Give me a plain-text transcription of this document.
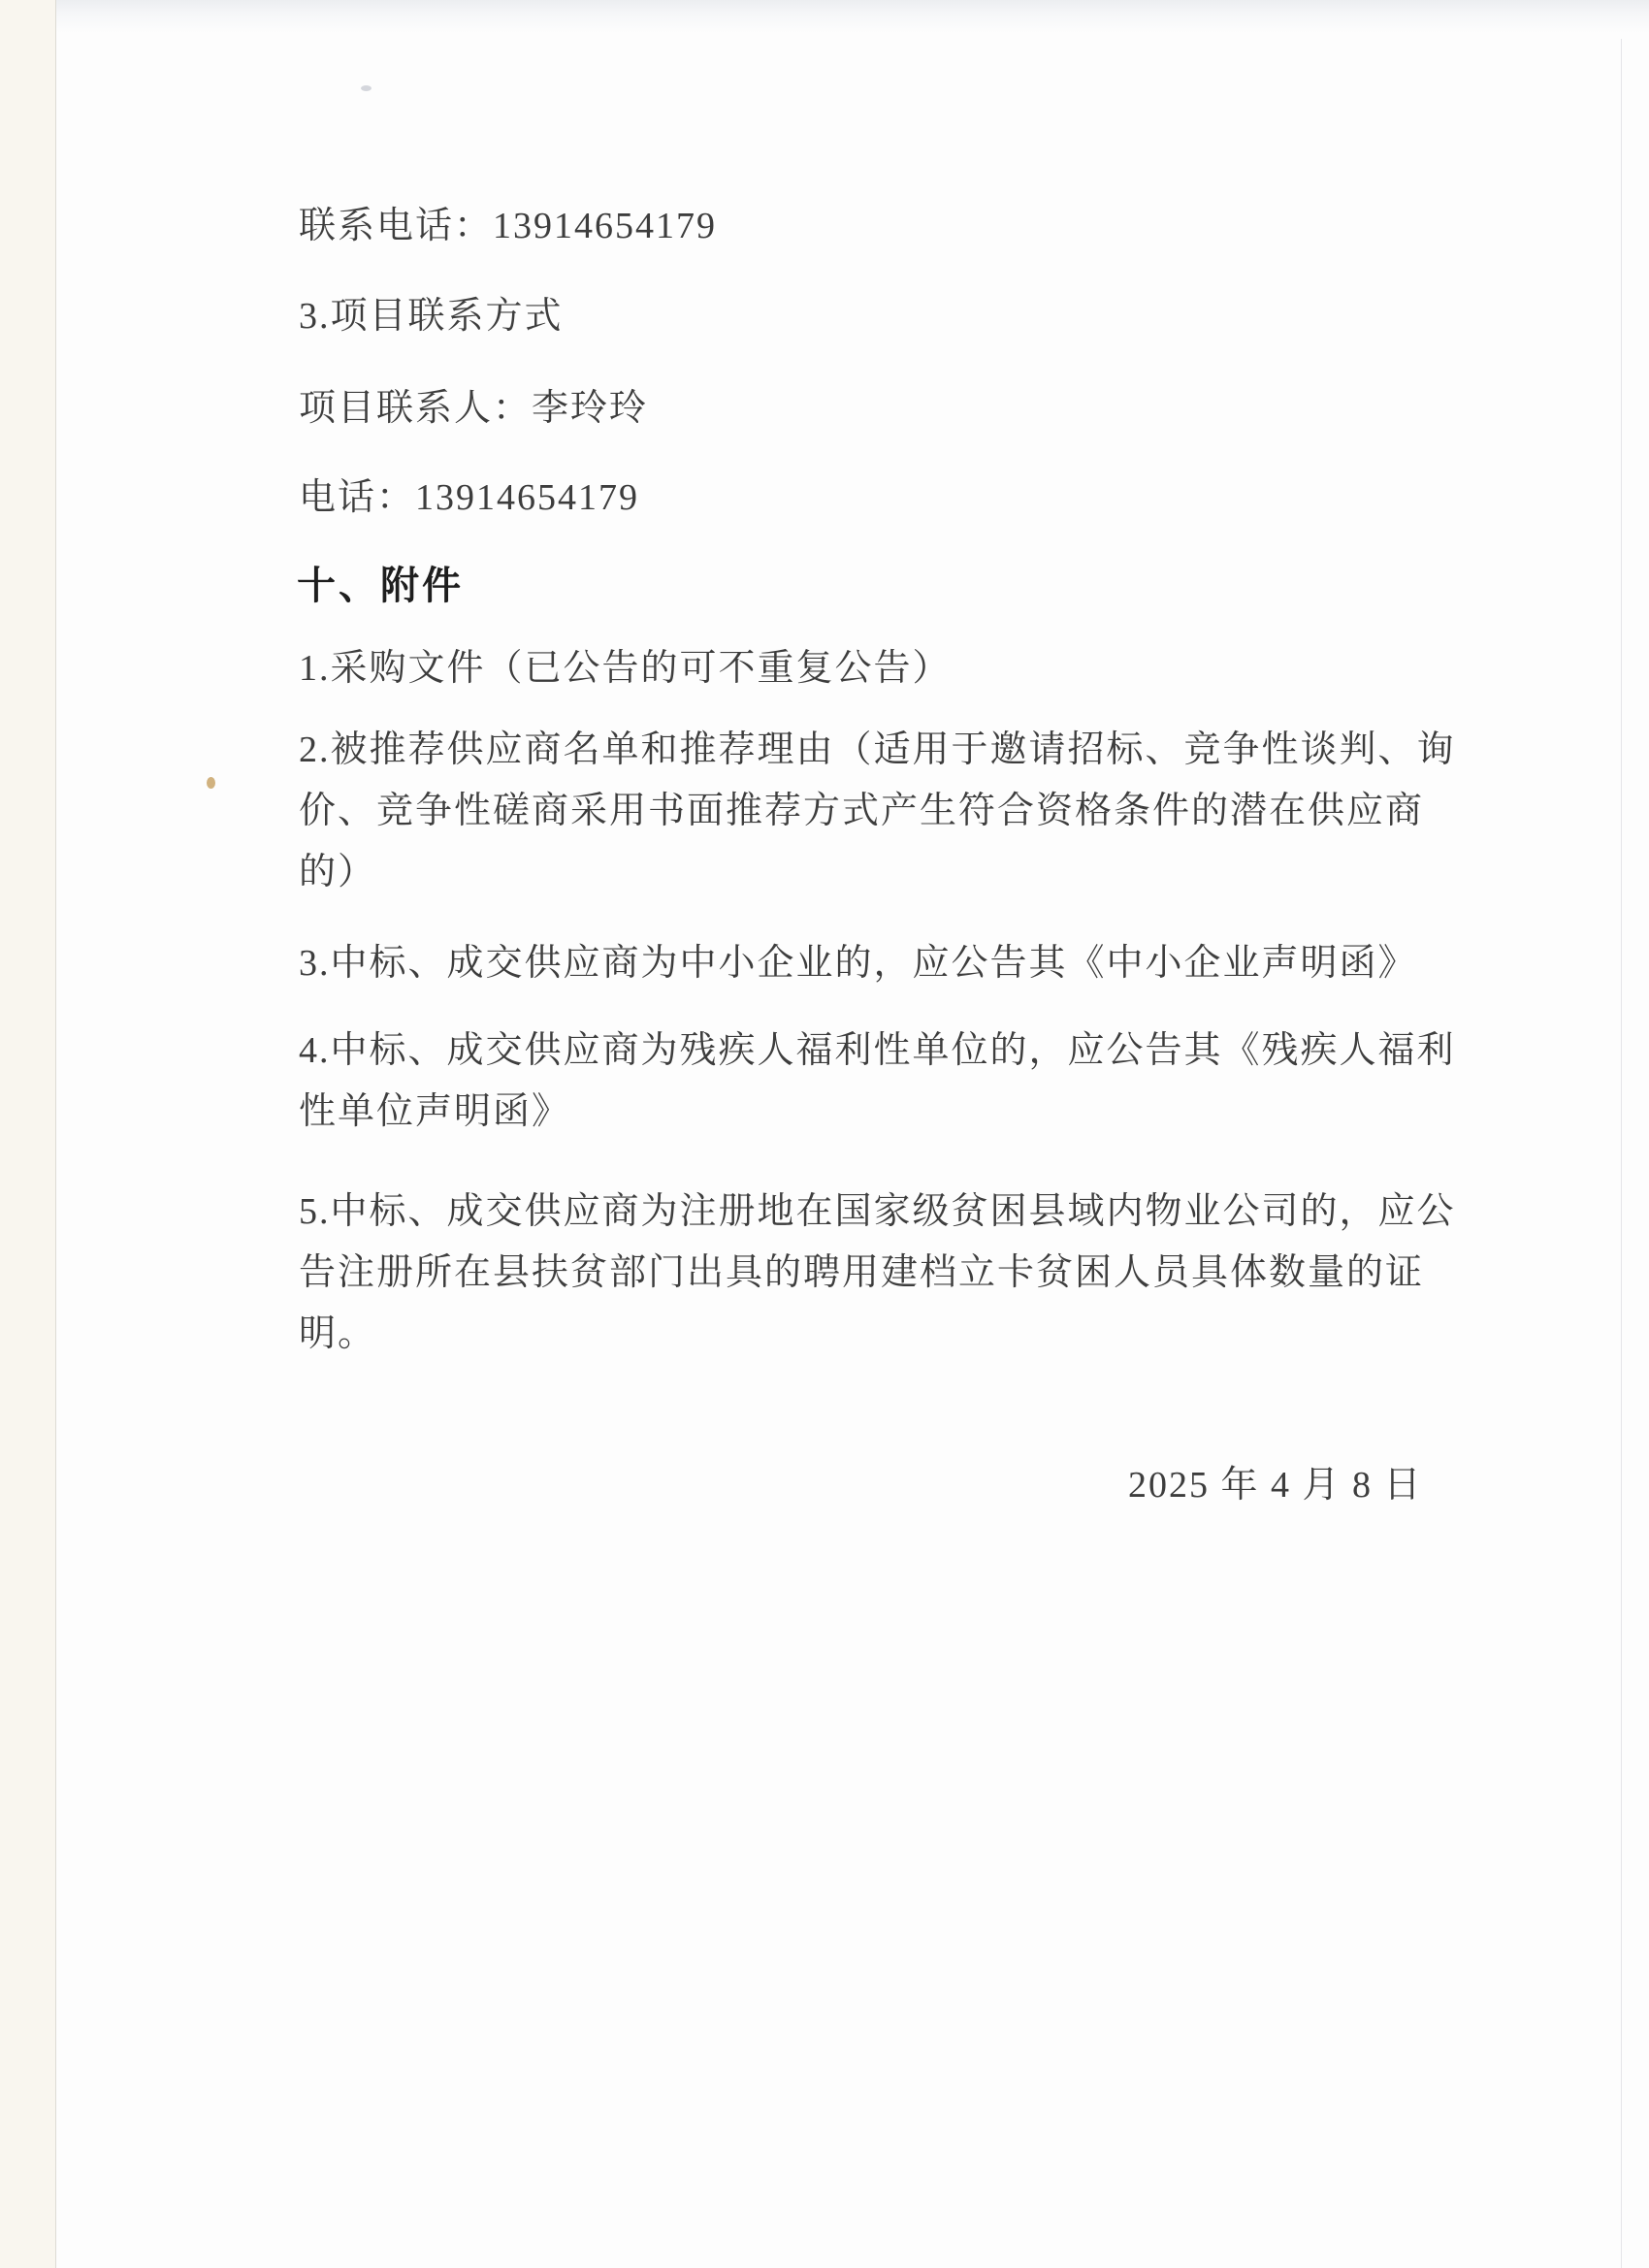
联系电话：13914654179
3.项目联系方式
项目联系人：李玲玲
电话：13914654179
十、附件
1.采购文件（已公告的可不重复公告）
2.被推荐供应商名单和推荐理由（适用于邀请招标、竞争性谈判、询
价、竞争性磋商采用书面推荐方式产生符合资格条件的潜在供应商
的）
3.中标、成交供应商为中小企业的，应公告其《中小企业声明函》
4.中标、成交供应商为残疾人福利性单位的，应公告其《残疾人福利
性单位声明函》
5.中标、成交供应商为注册地在国家级贫困县域内物业公司的，应公
告注册所在县扶贫部门出具的聘用建档立卡贫困人员具体数量的证
明。
2025 年 4 月 8 日
